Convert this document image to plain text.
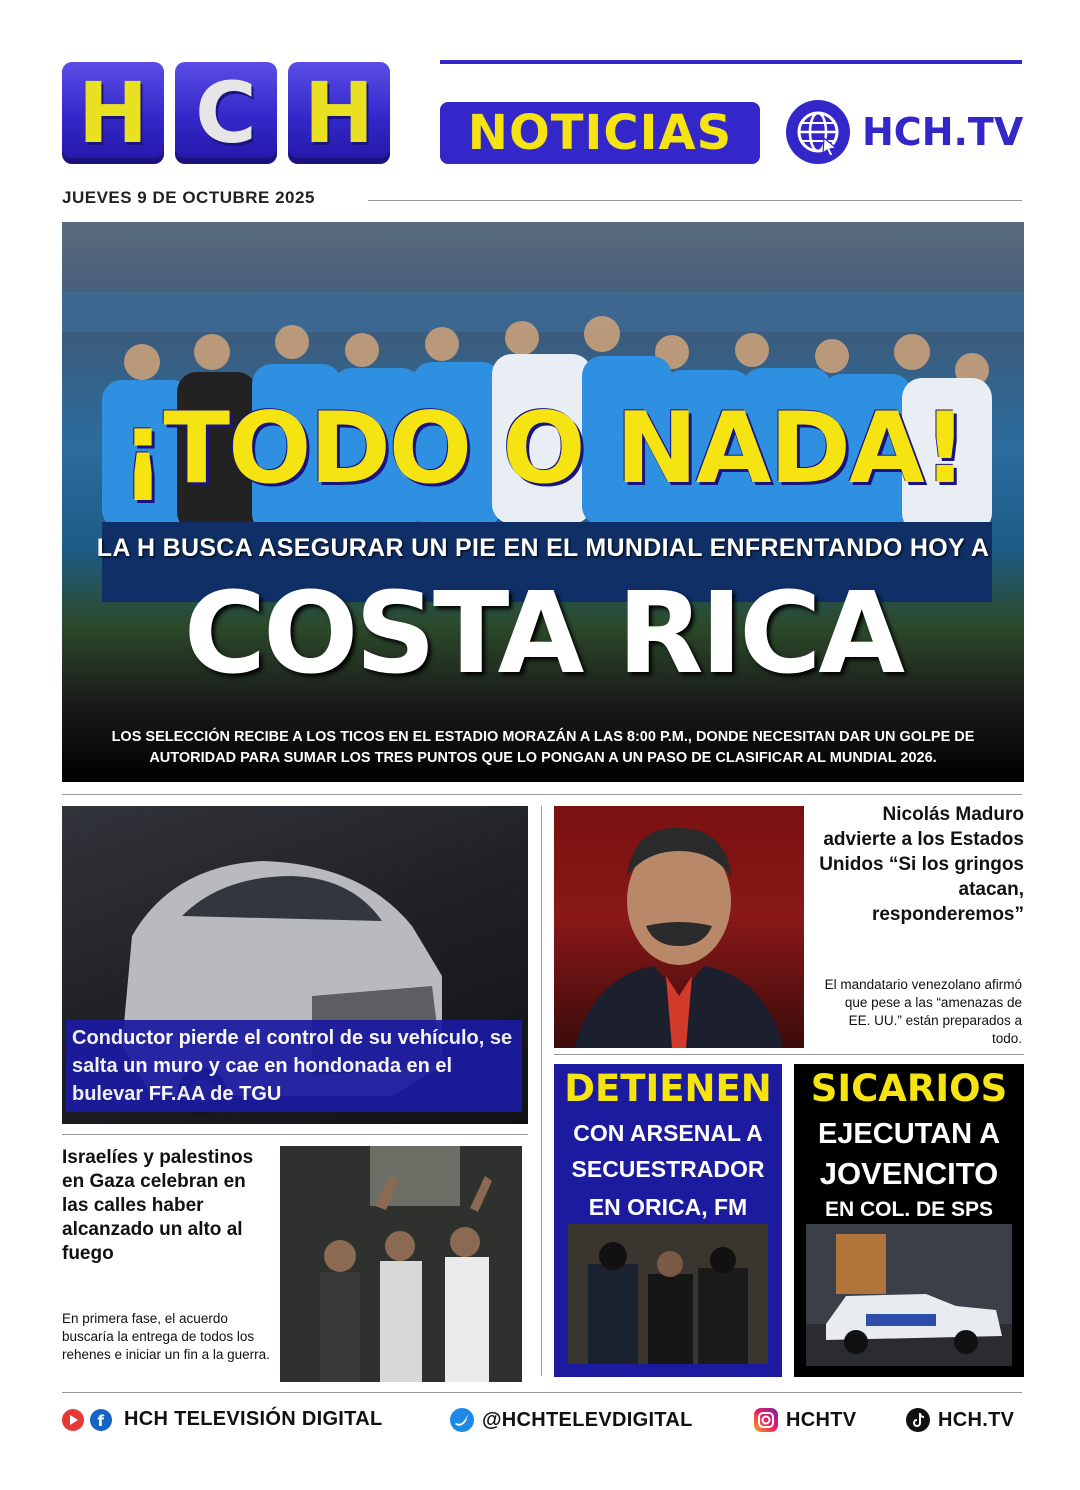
H C H	NOTICIAS	HCH.TV
JUEVES 9 DE OCTUBRE 2025
¡TODO O NADA!
LA H BUSCA ASEGURAR UN PIE EN EL MUNDIAL ENFRENTANDO HOY A
COSTA RICA
LOS SELECCIÓN RECIBE A LOS TICOS EN EL ESTADIO MORAZÁN A LAS 8:00 P.M., DONDE NECESITAN DAR UN GOLPE DE AUTORIDAD PARA SUMAR LOS TRES PUNTOS QUE LO PONGAN A UN PASO DE CLASIFICAR AL MUNDIAL 2026.
Conductor pierde el control de su vehículo, se salta un muro y cae en hondonada en el bulevar FF.AA de TGU
Nicolás Maduro advierte a los Estados Unidos “Si los gringos atacan, responderemos”
El mandatario venezolano afirmó que pese a las “amenazas de EE. UU.” están preparados a todo.
DETIENEN
CON ARSENAL A
SECUESTRADOR
EN ORICA, FM
SICARIOS
EJECUTAN A
JOVENCITO
EN COL. DE SPS
Israelíes y palestinos en Gaza celebran en las calles haber alcanzado un alto al fuego
En primera fase, el acuerdo buscaría la entrega de todos los rehenes e iniciar un fin a la guerra.
f HCH TELEVISIÓN DIGITAL	@HCHTELEVDIGITAL	HCHTV	HCH.TV
